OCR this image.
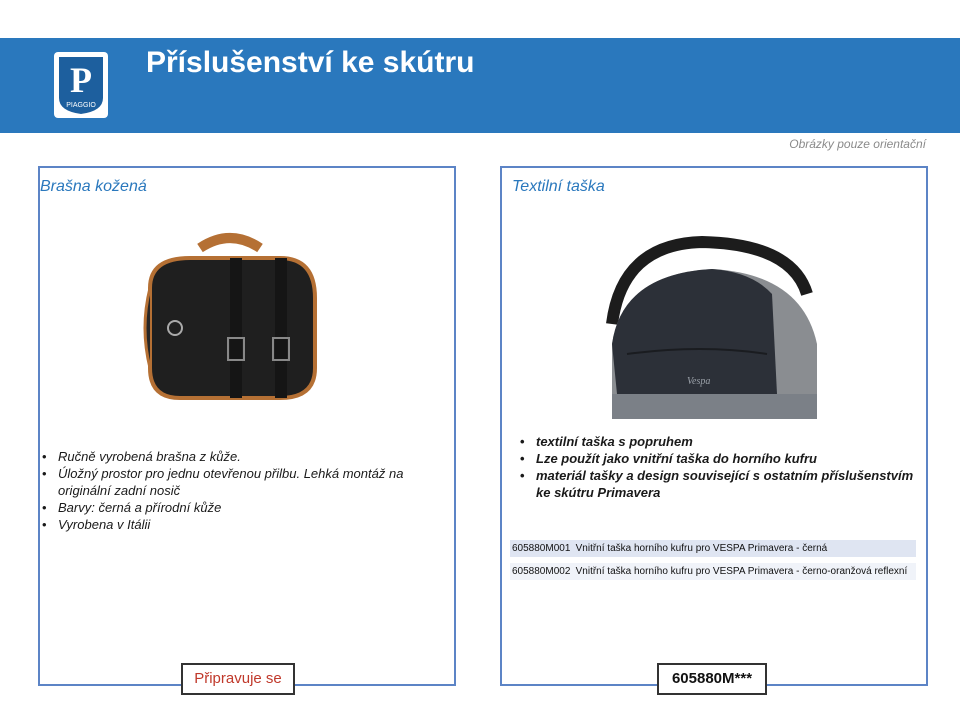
P
PIAGGIO
Příslušenství ke skútru
Obrázky pouze orientační
Brašna kožená
• Ručně vyrobená brašna z kůže.
• Úložný prostor pro jednu otevřenou přilbu. Lehká montáž na originální zadní nosič
• Barvy: černá a přírodní kůže
• Vyrobena v Itálii
Připravuje se
Textilní taška
Vespa
• textilní taška s popruhem
• Lze použít jako vnitřní taška do horního kufru
• materiál tašky a design související s ostatním příslušenstvím ke skútru Primavera
605880M001	Vnitřní taška horního kufru pro VESPA Primavera - černá

605880M002	Vnitřní taška horního kufru pro VESPA Primavera - černo-oranžová reflexní
605880M***
